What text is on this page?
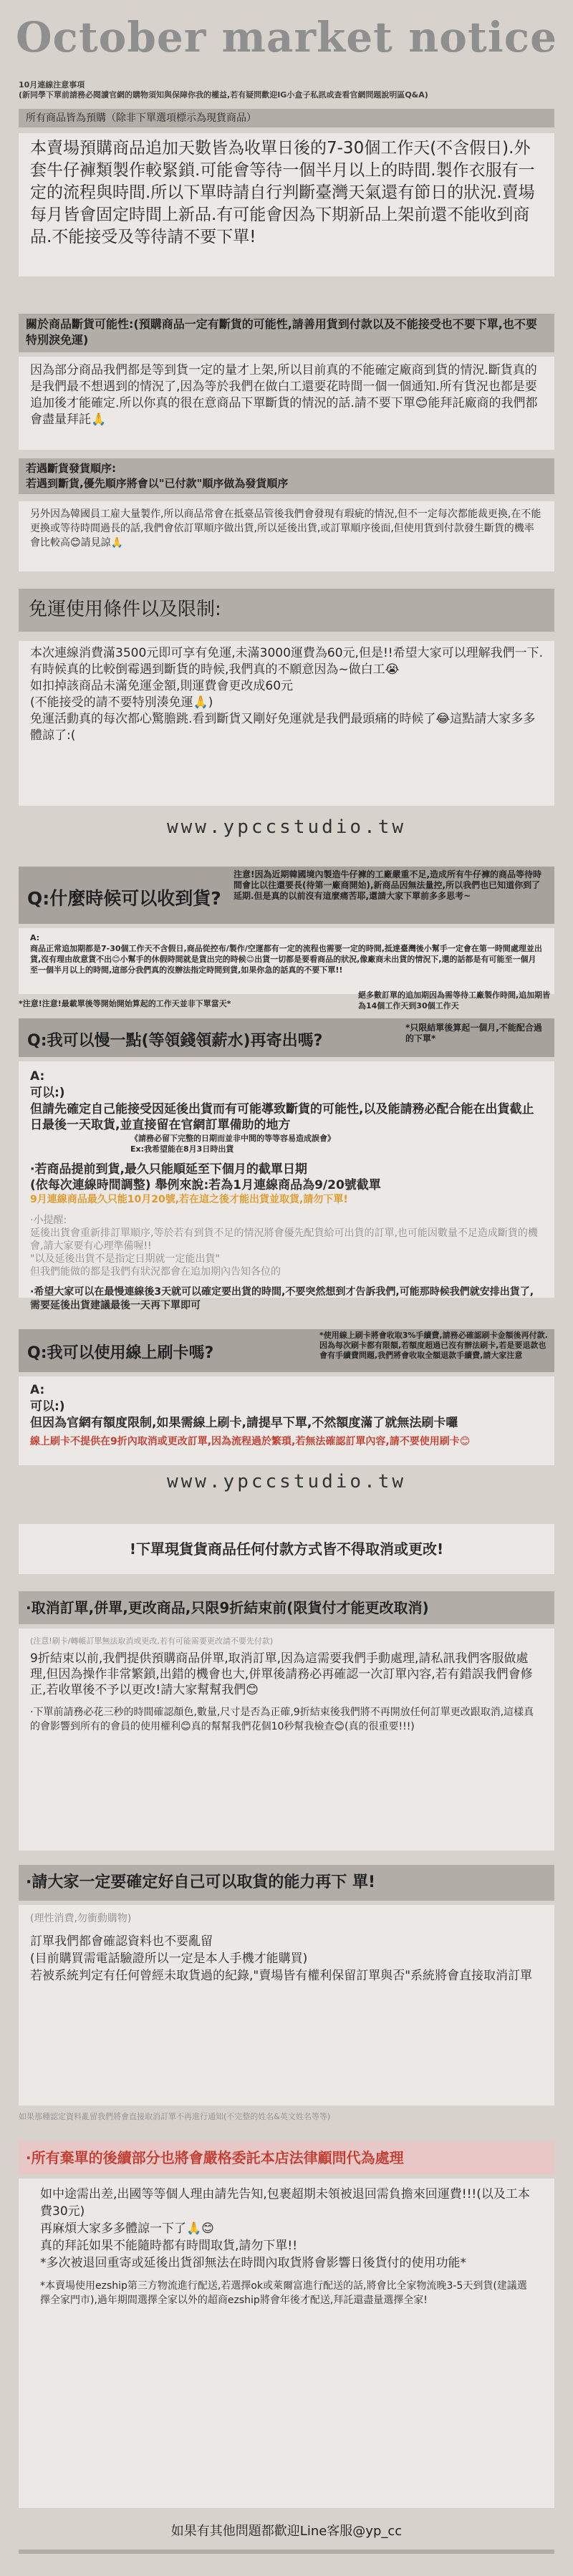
October market notice
10月連線注意事項
(新同學下單前請務必閱讀官網的購物須知與保障你我的權益,若有疑問歡迎IG小盒子私訊或查看官網問題說明區Q&A)
所有商品皆為預購（除非下單選項標示為現貨商品）
本賣場預購商品追加天數皆為收單日後的7-30個工作天(不含假日).外套牛仔褲類製作較緊鎖.可能會等待一個半月以上的時間.製作衣服有一定的流程與時間.所以下單時請自行判斷臺灣天氣還有節日的狀況.賣場每月皆會固定時間上新品.有可能會因為下期新品上架前還不能收到商品.不能接受及等待請不要下單!
關於商品斷貨可能性:(預購商品一定有斷貨的可能性,請善用貨到付款以及不能接受也不要下單,也不要特別淚免運)
因為部分商品我們都是等到貨一定的量才上架,所以目前真的不能確定廠商到貨的情況.斷貨真的是我們最不想遇到的情況了,因為等於我們在做白工還要花時間一個一個通知.所有貨況也都是要追加後才能確定.所以你真的很在意商品下單斷貨的情況的話.請不要下單😊能拜託廠商的我們都會盡量拜託🙏
若遇斷貨發貨順序:
若遇到斷貨,優先順序將會以"已付款"順序做為發貨順序
另外因為韓國員工雇大量製作,所以商品常會在抵臺品管後我們會發現有瑕疵的情況,但不一定每次都能裁更換,在不能更換或等待時間過長的話,我們會依訂單順序做出貨,所以延後出貨,或訂單順序後面,但使用貨到付款發生斷貨的機率會比較高😊請見諒🙏
免運使用條件以及限制:
本次連線消費滿3500元即可享有免運,未滿3000運費為60元,但是!!希望大家可以理解我們一下.有時候真的比較倒霉遇到斷貨的時候,我們真的不願意因為~做白工😭
如扣掉該商品未滿免運金額,則運費會更改成60元
(不能接受的請不要特別湊免運🙏)
免運活動真的每次都心驚膽跳.看到斷貨又剛好免運就是我們最頭痛的時候了😂這點請大家多多體諒了:(
www.ypccstudio.tw
Q:什麼時候可以收到貨?
注意!因為近期韓國境內製造牛仔褲的工廠嚴重不足,造成所有牛仔褲的商品等待時間會比以往還要長(待第一廠商開始),新商品因無法量控,所以我們也已知道你到了延期.但是真的以前沒有這麼痛苦耶,還請大家下單前多多思考~
A:
商品正常追加期都是7-30個工作天不含假日,商品從控布/製作/空運都有一定的流程也需要一定的時間,抵達臺灣後小幫手一定會在第一時間處理並出貨,沒有理由故意貨不出😊小幫手的休假時間就是貨出完的時候😊出貨一切都是要看商品的狀況,像廠商未出貨的情況下,還的話都是有可能至一個月至一個半月以上的時間,這部分我們真的沒辦法指定時間到貨,如果你急的話真的不要下單!!
*注意!注意!最載單後等開始開始算起的工作天並非下單當天*
絕多數訂單的追加期因為需等待工廠製作時間,追加期皆為14個工作天到30個工作天
Q:我可以慢一點(等領錢領薪水)再寄出嗎?
*只限結單後算起一個月,不能配合過的下單*
A:
可以:)
但請先確定自己能接受因延後出貨而有可能導致斷貨的可能性,以及能請務必配合能在出貨截止日最後一天取貨,並直接留在官網訂單備助的地方
《請務必留下完整的日期而並非中間的等等容易造成誤會》
Ex:我希望能在8月3日時出貨
·若商品提前到貨,最久只能順延至下個月的截單日期
(依每次連線時間調整) 舉例來說:若為1月連線商品為9/20號截單
9月連線商品最久只能10月20號,若在這之後才能出貨並取貨,請勿下單!
·小提醒:
延後出貨會重新排訂單順序,等於若有到貨不足的情況將會優先配貨給可出貨的訂單,也可能因數量不足造成斷貨的機會,請大家要有心理準備喔!!
"以及延後出貨不是指定日期就一定能出貨"
但我們能做的都是我們有狀況都會在追加期內告知各位的
·希望大家可以在最慢連線後3天就可以確定要出貨的時間,不要突然想到才告訴我們,可能那時候我們就安排出貨了,需要延後出貨建議最後一天再下單即可
Q:我可以使用線上刷卡嗎?
*使用線上刷卡將會收取3%手續費,請務必確認刷卡金額後再付款.因為每次刷卡都有限額,若額度超過已沒有辦法刷卡,若是要退款也會有手續費問題,我們將會收取全額退款手續費,請大家注意
A:
可以:)
但因為官網有額度限制,如果需線上刷卡,請提早下單,不然額度滿了就無法刷卡囉
線上刷卡不提供在9折內取消或更改訂單,因為流程過於繁瑣,若無法確認訂單內容,請不要使用刷卡😊
www.ypccstudio.tw
!下單現貨貨商品任何付款方式皆不得取消或更改!
·取消訂單,併單,更改商品,只限9折結束前(限貨付才能更改取消)
(注意!刷卡/轉帳訂單無法取消或更改,若有可能需要更改請不要先付款)
9折結束以前,我們提供預購商品併單,取消訂單,因為這需要我們手動處理,請私訊我們客服做處理,但因為操作非常繁鎖,出錯的機會也大,併單後請務必再確認一次訂單內容,若有錯誤我們會修正,若收單後不予以更改!請大家幫幫我們😊
·下單前請務必花三秒的時間確認顏色,數量,尺寸是否為正確,9折結束後我們將不再開放任何訂單更改跟取消,這樣真的會影響到所有的會員的使用權利😊真的幫幫我們花個10秒幫我檢查😊(真的很重要!!!)
·請大家一定要確定好自己可以取貨的能力再下 單!
(理性消費,勿衝動購物)
訂單我們都會確認資料也不要亂留
(目前購買需電話驗證所以一定是本人手機才能購買)
若被系統判定有任何曾經未取貨過的紀錄,"賣場皆有權利保留訂單與否"系統將會直接取消訂單
如果那種認定資料亂留我們將會直接取消訂單不再進行通知(不完整的姓名&英文姓名等等)
·所有棄單的後續部分也將會嚴格委託本店法律顧問代為處理
如中途需出差,出國等等個人理由請先告知,包裹超期未領被退回需負擔來回運費!!!(以及工本費30元)
再麻煩大家多多體諒一下了🙏😊
真的拜託如果不能隨時都有時間取貨,請勿下單!!
*多次被退回重寄或延後出貨卻無法在時間內取貨將會影響日後貨付的使用功能*
*本賣場使用ezship第三方物流進行配送,若選擇ok或萊爾富進行配送的話,將會比全家物流晚3-5天到貨(建議選擇全家門市),過年期間選擇全家以外的超商ezship將會年後才配送,拜託還盡量選擇全家!
如果有其他問題都歡迎Line客服@yp_cc
